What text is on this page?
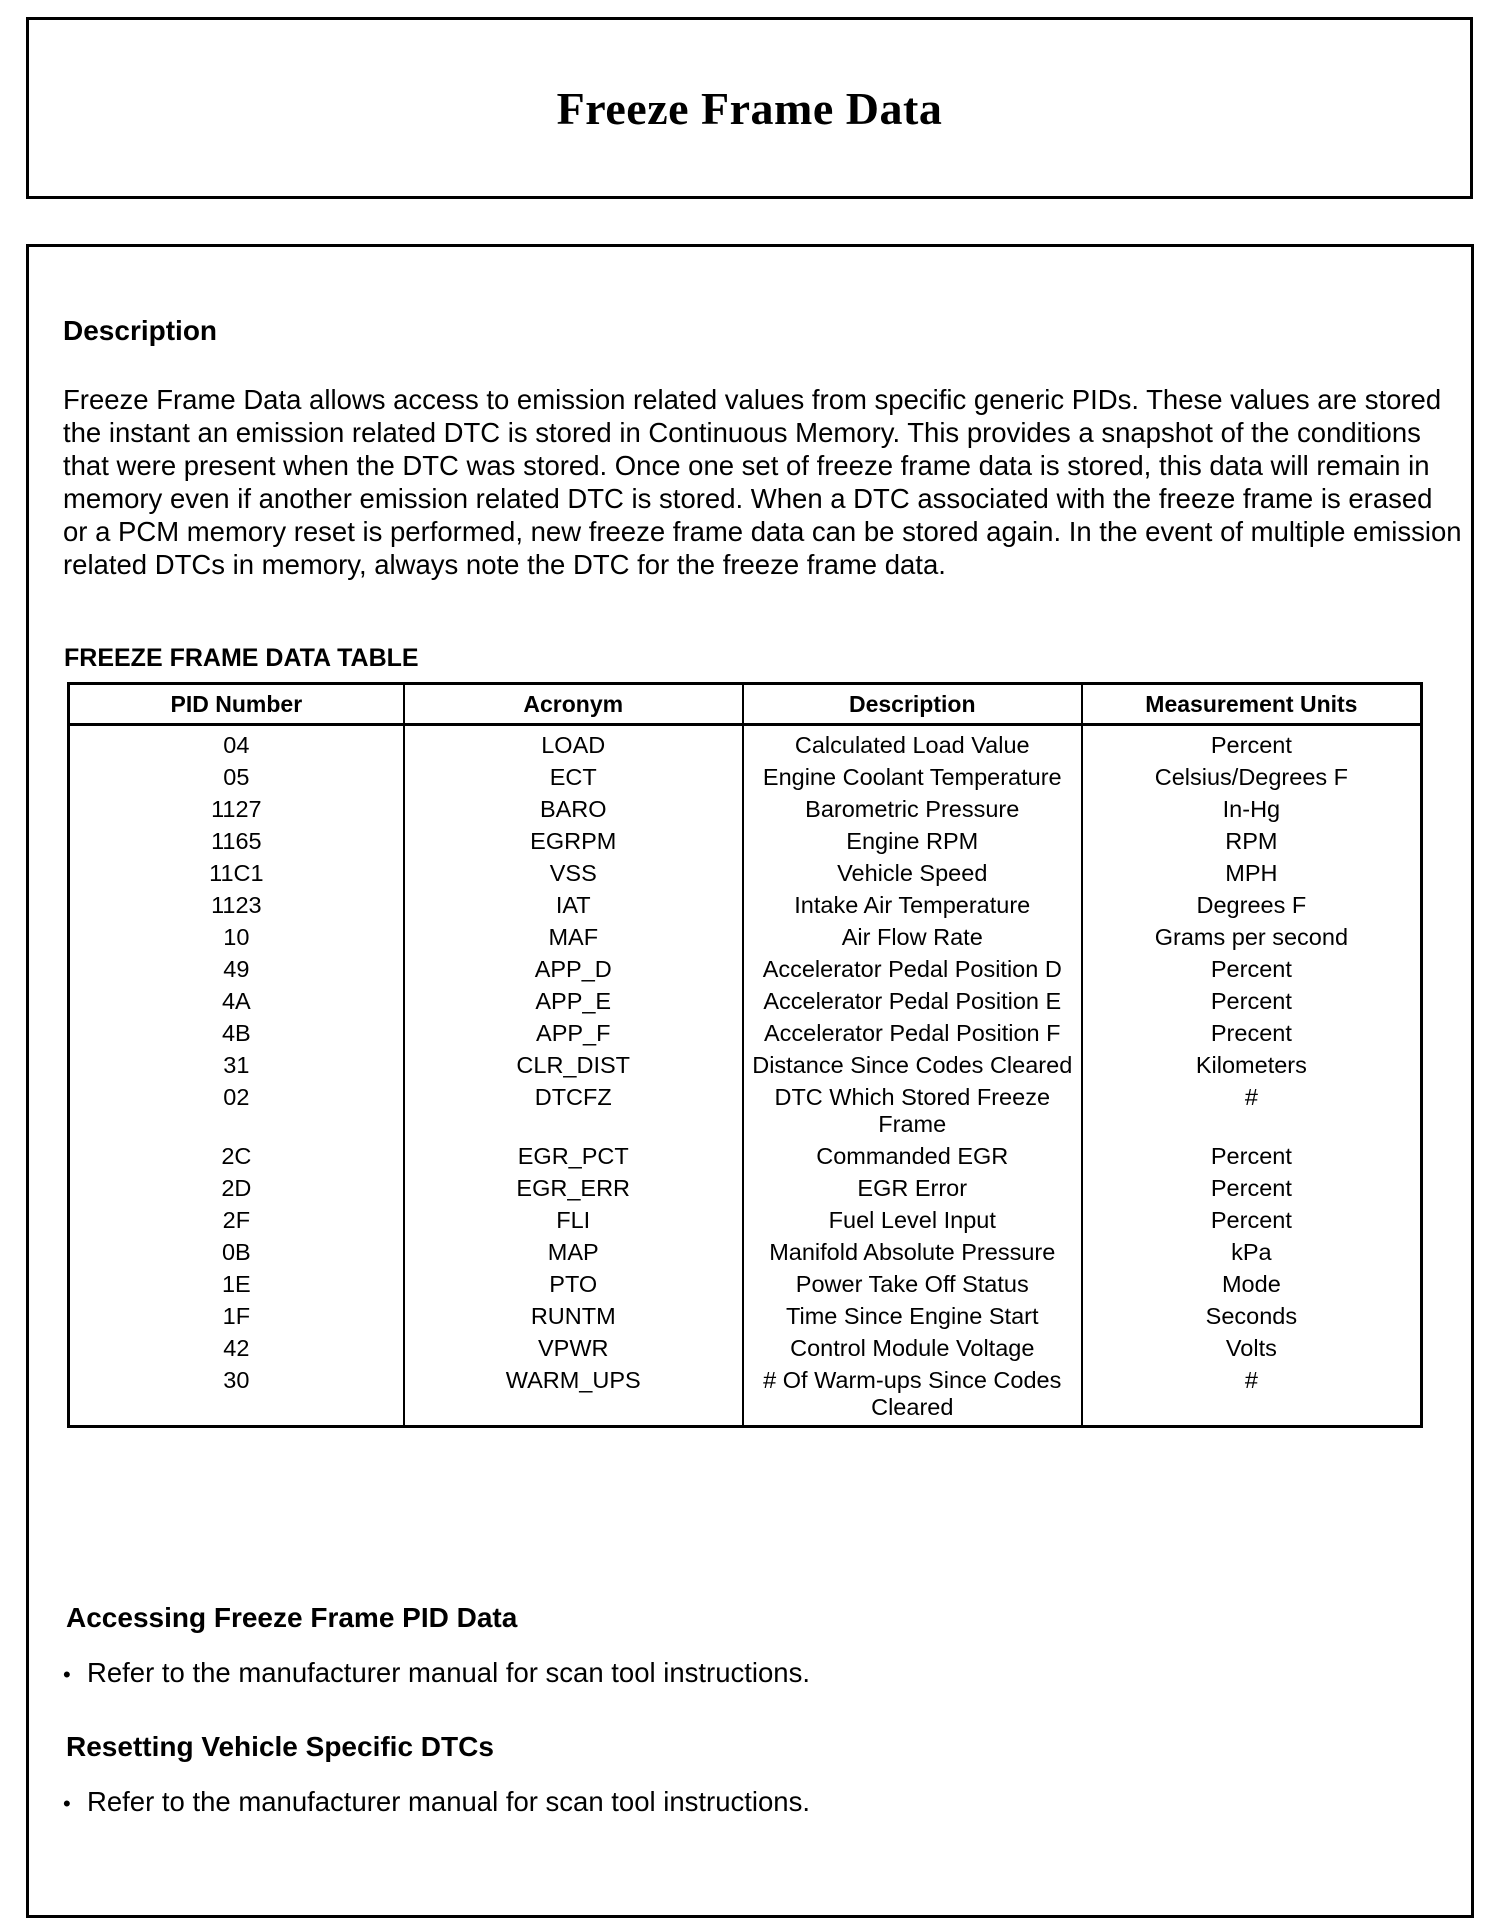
Freeze Frame Data
Description

Freeze Frame Data allows access to emission related values from specific generic PIDs. These values are stored the instant an emission related DTC is stored in Continuous Memory. This provides a snapshot of the conditions that were present when the DTC was stored. Once one set of freeze frame data is stored, this data will remain in memory even if another emission related DTC is stored. When a DTC associated with the freeze frame is erased or a PCM memory reset is performed, new freeze frame data can be stored again. In the event of multiple emission related DTCs in memory, always note the DTC for the freeze frame data.

FREEZE FRAME DATA TABLE
PID Number	Acronym	Description	Measurement Units
04	LOAD	Calculated Load Value	Percent
05	ECT	Engine Coolant Temperature	Celsius/Degrees F
1127	BARO	Barometric Pressure	In-Hg
1165	EGRPM	Engine RPM	RPM
11C1	VSS	Vehicle Speed	MPH
1123	IAT	Intake Air Temperature	Degrees F
10	MAF	Air Flow Rate	Grams per second
49	APP_D	Accelerator Pedal Position D	Percent
4A	APP_E	Accelerator Pedal Position E	Percent
4B	APP_F	Accelerator Pedal Position F	Precent
31	CLR_DIST	Distance Since Codes Cleared	Kilometers
02	DTCFZ	DTC Which Stored Freeze Frame	#
2C	EGR_PCT	Commanded EGR	Percent
2D	EGR_ERR	EGR Error	Percent
2F	FLI	Fuel Level Input	Percent
0B	MAP	Manifold Absolute Pressure	kPa
1E	PTO	Power Take Off Status	Mode
1F	RUNTM	Time Since Engine Start	Seconds
42	VPWR	Control Module Voltage	Volts
30	WARM_UPS	# Of Warm-ups Since Codes Cleared	#
Accessing Freeze Frame PID Data

• Refer to the manufacturer manual for scan tool instructions.

Resetting Vehicle Specific DTCs

• Refer to the manufacturer manual for scan tool instructions.
